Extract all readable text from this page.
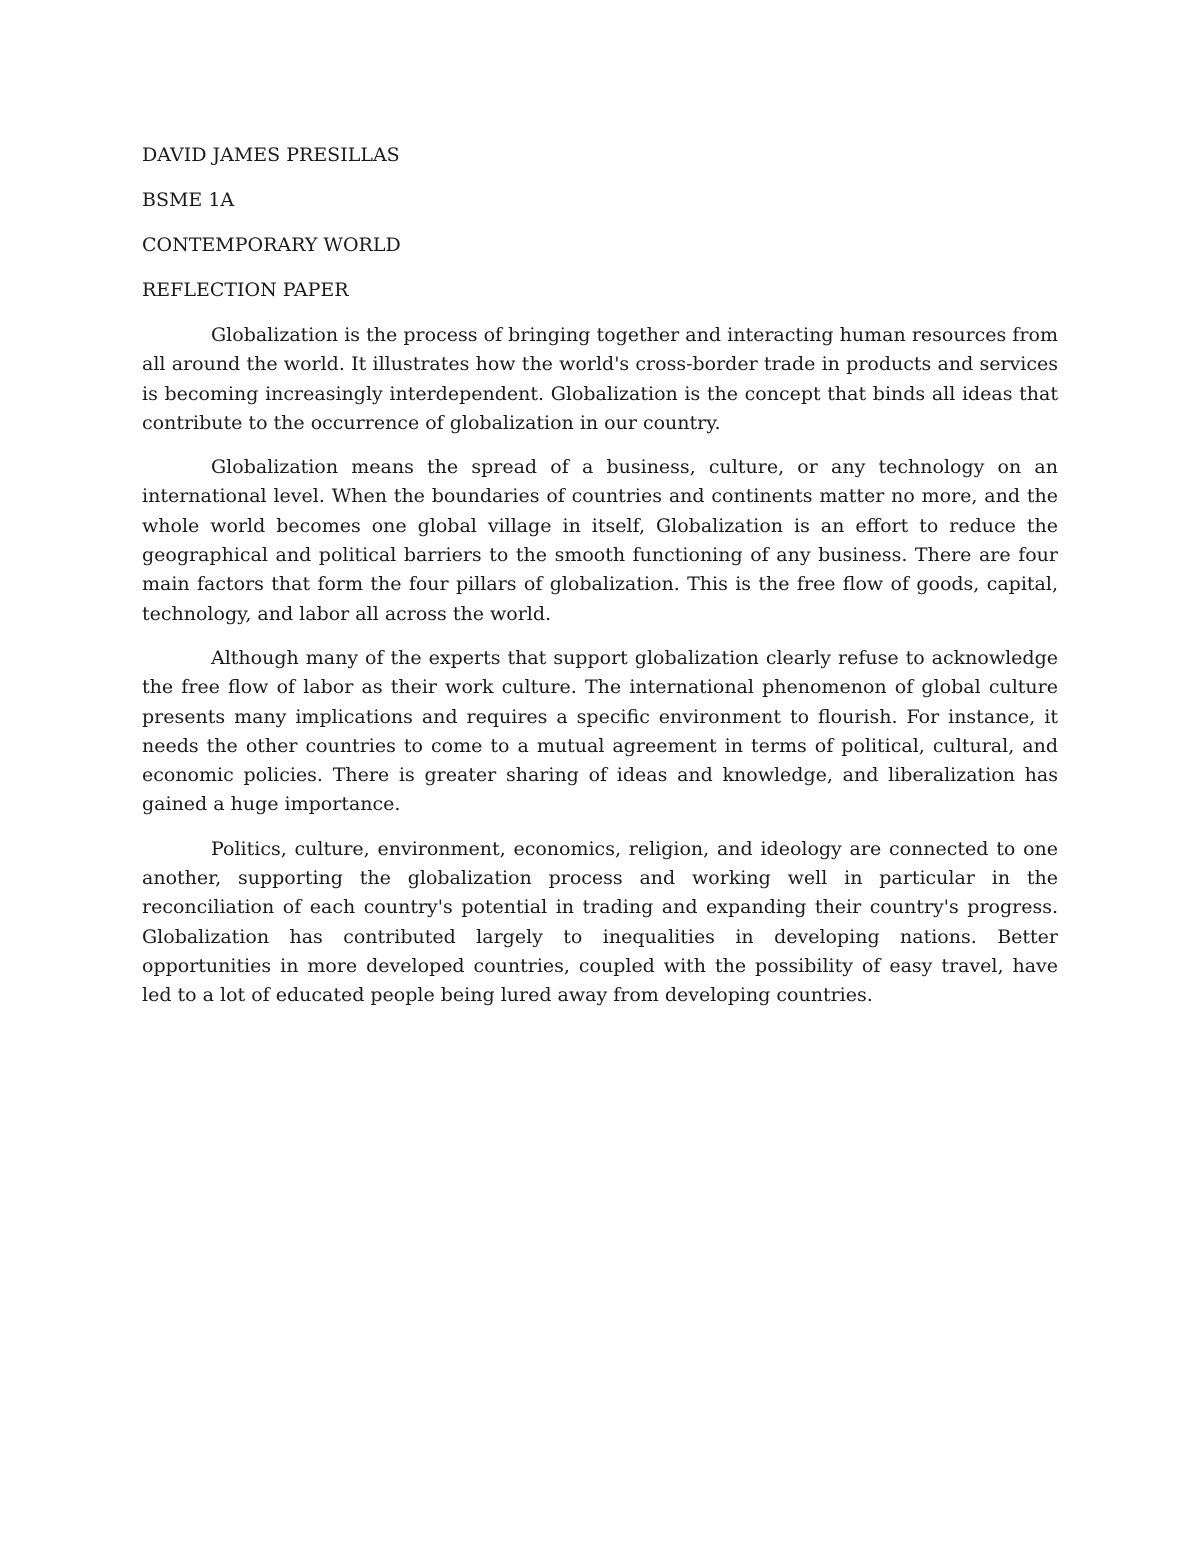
DAVID JAMES PRESILLAS

BSME 1A

CONTEMPORARY WORLD

REFLECTION PAPER

Globalization is the process of bringing together and interacting human resources from all around the world. It illustrates how the world's cross-border trade in products and services is becoming increasingly interdependent. Globalization is the concept that binds all ideas that contribute to the occurrence of globalization in our country.

Globalization means the spread of a business, culture, or any technology on an international level. When the boundaries of countries and continents matter no more, and the whole world becomes one global village in itself, Globalization is an effort to reduce the geographical and political barriers to the smooth functioning of any business. There are four main factors that form the four pillars of globalization. This is the free flow of goods, capital, technology, and labor all across the world.

Although many of the experts that support globalization clearly refuse to acknowledge the free flow of labor as their work culture. The international phenomenon of global culture presents many implications and requires a specific environment to flourish. For instance, it needs the other countries to come to a mutual agreement in terms of political, cultural, and economic policies. There is greater sharing of ideas and knowledge, and liberalization has gained a huge importance.

Politics, culture, environment, economics, religion, and ideology are connected to one another, supporting the globalization process and working well in particular in the reconciliation of each country's potential in trading and expanding their country's progress. Globalization has contributed largely to inequalities in developing nations. Better opportunities in more developed countries, coupled with the possibility of easy travel, have led to a lot of educated people being lured away from developing countries.
